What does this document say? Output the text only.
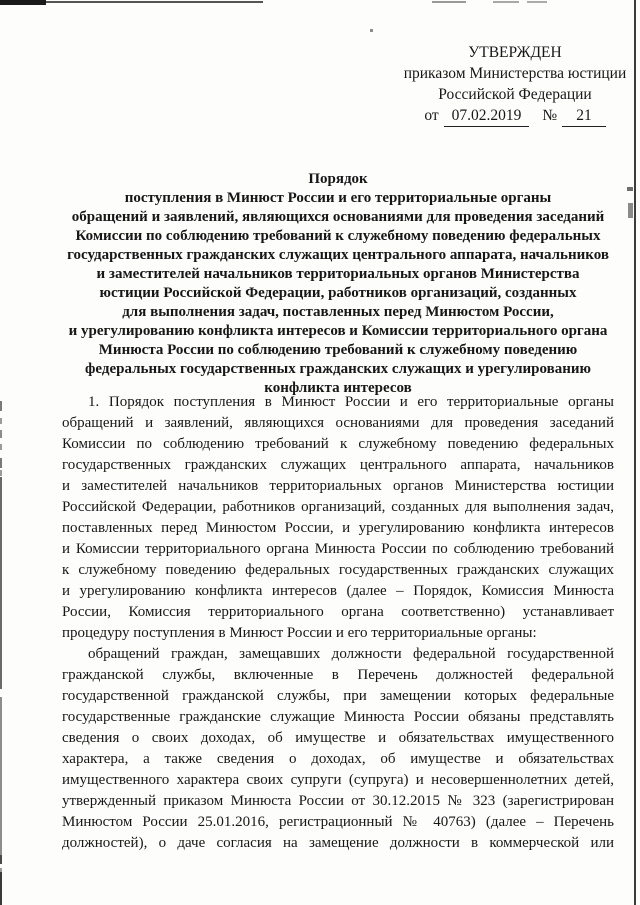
УТВЕРЖДЕН
приказом Министерства юстиции
Российской Федерации
от 07.02.2019	№	21
Порядок
поступления в Минюст России и его территориальные органы
обращений и заявлений, являющихся основаниями для проведения заседаний
Комиссии по соблюдению требований к служебному поведению федеральных
государственных гражданских служащих центрального аппарата, начальников
и заместителей начальников территориальных органов Министерства
юстиции Российской Федерации, работников организаций, созданных
для выполнения задач, поставленных перед Минюстом России,
и урегулированию конфликта интересов и Комиссии территориального органа
Минюста России по соблюдению требований к служебному поведению
федеральных государственных гражданских служащих и урегулированию
конфликта интересов
1. Порядок поступления в Минюст России и его территориальные органы
обращений и заявлений, являющихся основаниями для проведения заседаний
Комиссии по соблюдению требований к служебному поведению федеральных
государственных гражданских служащих центрального аппарата, начальников
и заместителей начальников территориальных органов Министерства юстиции
Российской Федерации, работников организаций, созданных для выполнения задач,
поставленных перед Минюстом России, и урегулированию конфликта интересов
и Комиссии территориального органа Минюста России по соблюдению требований
к служебному поведению федеральных государственных гражданских служащих
и урегулированию конфликта интересов (далее – Порядок, Комиссия Минюста
России, Комиссия территориального органа соответственно) устанавливает
процедуру поступления в Минюст России и его территориальные органы:
обращений граждан, замещавших должности федеральной государственной
гражданской службы, включенные в Перечень должностей федеральной
государственной гражданской службы, при замещении которых федеральные
государственные гражданские служащие Минюста России обязаны представлять
сведения о своих доходах, об имуществе и обязательствах имущественного
характера, а также сведения о доходах, об имуществе и обязательствах
имущественного характера своих супруги (супруга) и несовершеннолетних детей,
утвержденный приказом Минюста России от 30.12.2015 № 323 (зарегистрирован
Минюстом России 25.01.2016, регистрационный № 40763) (далее – Перечень
должностей), о даче согласия на замещение должности в коммерческой или
